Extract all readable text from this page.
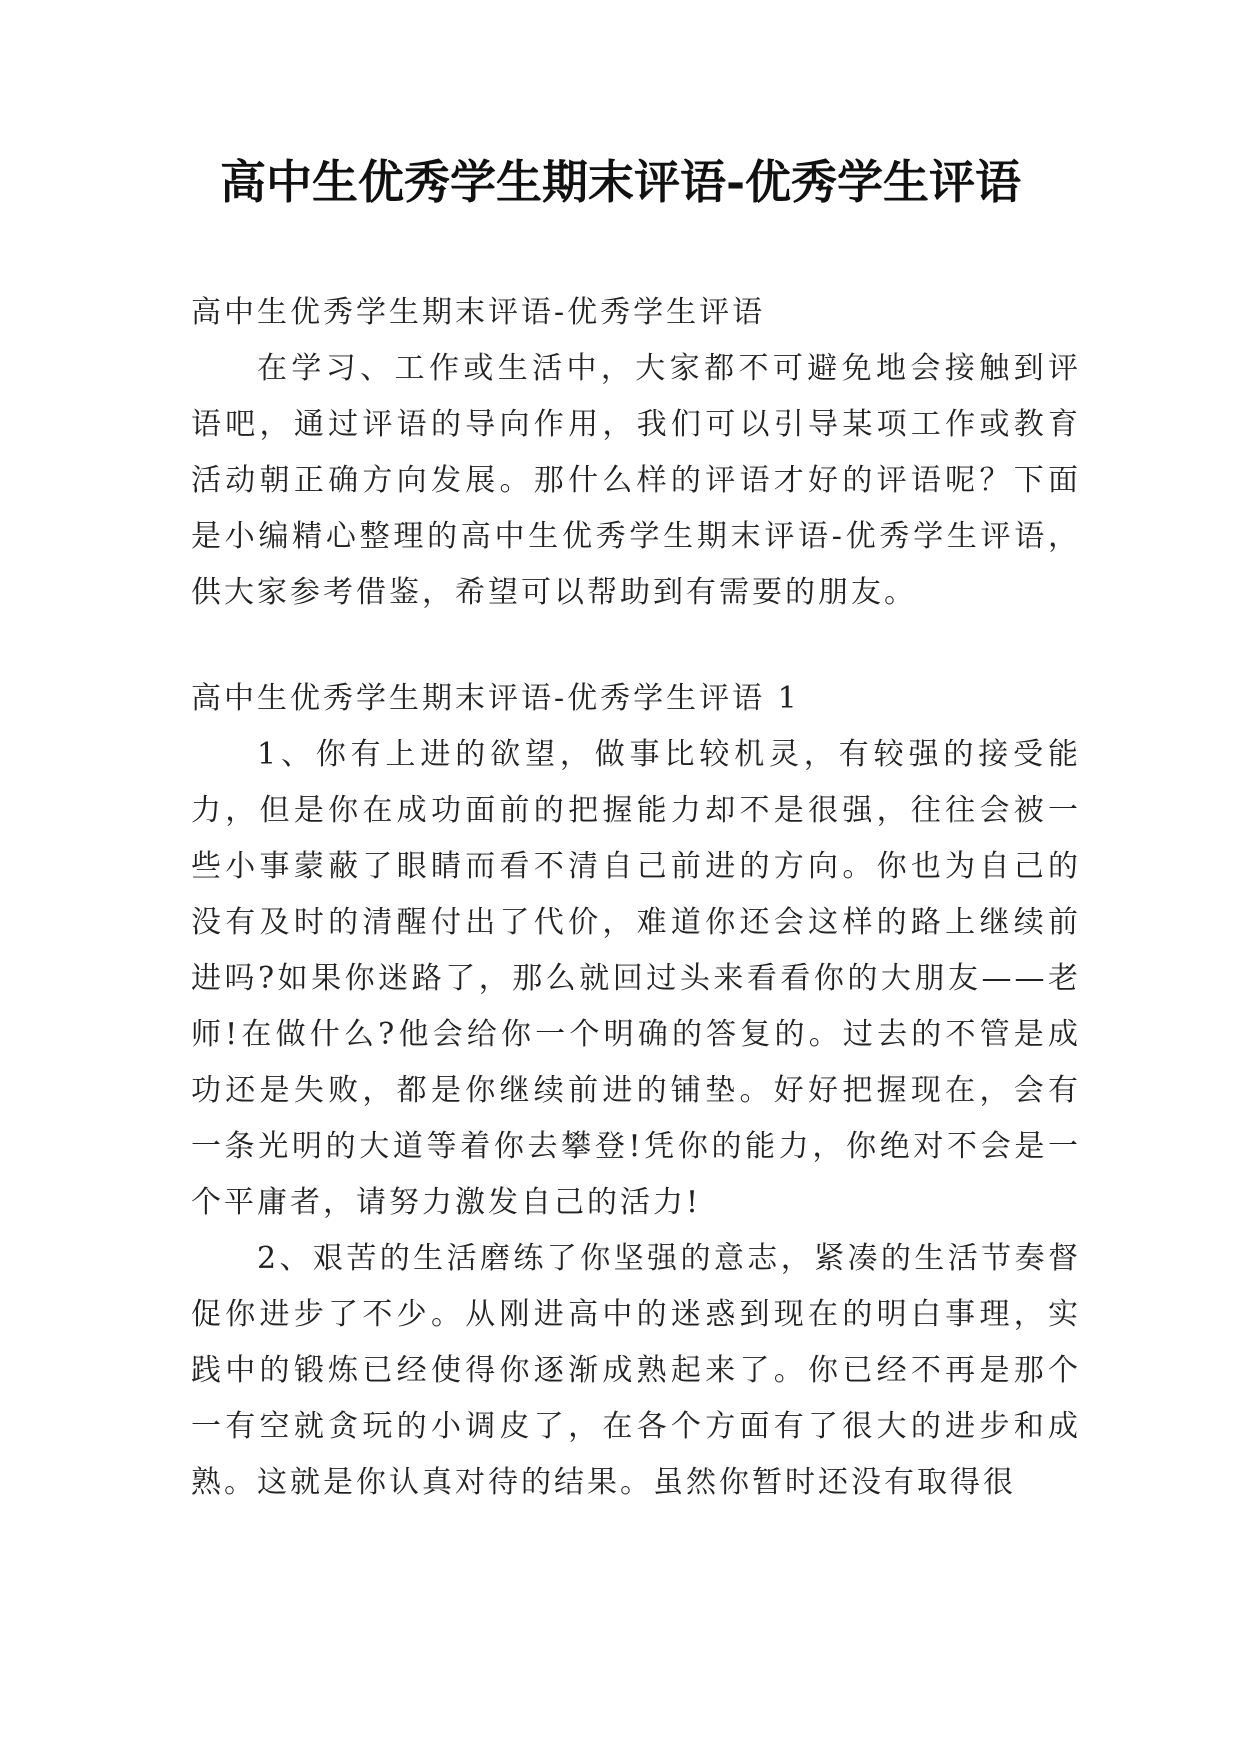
高中生优秀学生期末评语-优秀学生评语

高中生优秀学生期末评语-优秀学生评语

在学习、工作或生活中，大家都不可避免地会接触到评语吧，通过评语的导向作用，我们可以引导某项工作或教育活动朝正确方向发展。那什么样的评语才好的评语呢？下面是小编精心整理的高中生优秀学生期末评语-优秀学生评语，供大家参考借鉴，希望可以帮助到有需要的朋友。

高中生优秀学生期末评语-优秀学生评语 1

1、你有上进的欲望，做事比较机灵，有较强的接受能力，但是你在成功面前的把握能力却不是很强，往往会被一些小事蒙蔽了眼睛而看不清自己前进的方向。你也为自己的没有及时的清醒付出了代价，难道你还会这样的路上继续前进吗?如果你迷路了，那么就回过头来看看你的大朋友——老师!在做什么?他会给你一个明确的答复的。过去的不管是成功还是失败，都是你继续前进的铺垫。好好把握现在，会有一条光明的大道等着你去攀登!凭你的能力，你绝对不会是一个平庸者，请努力激发自己的活力!

2、艰苦的生活磨练了你坚强的意志，紧凑的生活节奏督促你进步了不少。从刚进高中的迷惑到现在的明白事理，实践中的锻炼已经使得你逐渐成熟起来了。你已经不再是那个一有空就贪玩的小调皮了，在各个方面有了很大的进步和成熟。这就是你认真对待的结果。虽然你暂时还没有取得很
